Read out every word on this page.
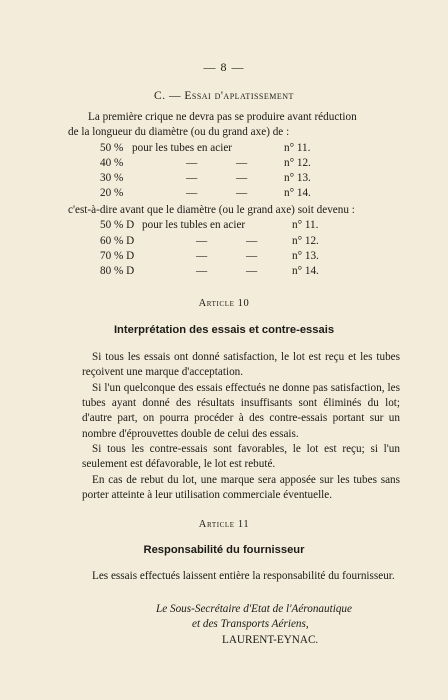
— 8 —
C. — Essai d'aplatissement
La première crique ne devra pas se produire avant réduction
de la longueur du diamètre (ou du grand axe) de :
50 % pour les tubes en acier	n° 11.
40 %	—	—	n° 12.
30 %	—	—	n° 13.
20 %	—	—	n° 14.
c'est-à-dire avant que le diamètre (ou le grand axe) soit devenu :
50 % D pour les tubles en acier	n° 11.
60 % D	—	—	n° 12.
70 % D	—	—	n° 13.
80 % D	—	—	n° 14.
Article 10
Interprétation des essais et contre-essais
Si tous les essais ont donné satisfaction, le lot est reçu et les tubes reçoivent une marque d'acceptation.
Si l'un quelconque des essais effectués ne donne pas satisfaction, les tubes ayant donné des résultats insuffisants sont éliminés du lot; d'autre part, on pourra procéder à des contre-essais portant sur un nombre d'éprouvettes double de celui des essais.
Si tous les contre-essais sont favorables, le lot est reçu; si l'un seulement est défavorable, le lot est rebuté.
En cas de rebut du lot, une marque sera apposée sur les tubes sans porter atteinte à leur utilisation commerciale éventuelle.
Article 11
Responsabilité du fournisseur
Les essais effectués laissent entière la responsabilité du fournisseur.
Le Sous-Secrétaire d'Etat de l'Aéronautique
et des Transports Aériens,
LAURENT-EYNAC.
